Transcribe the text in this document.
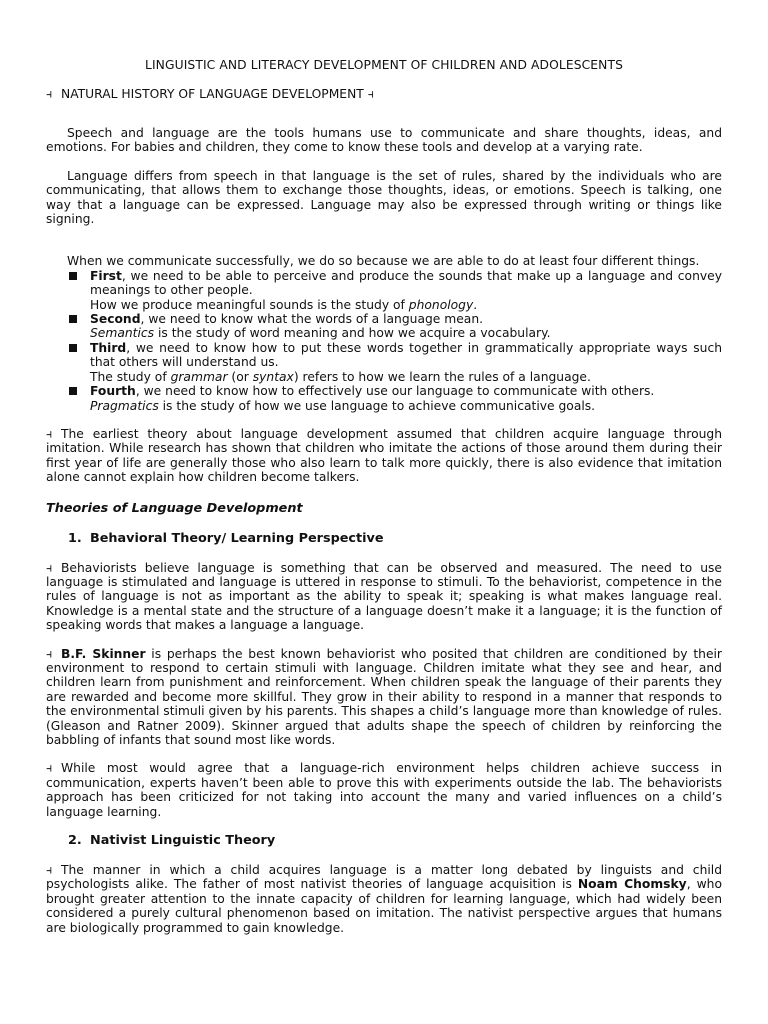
LINGUISTIC AND LITERACY DEVELOPMENT OF CHILDREN AND ADOLESCENTS
⫞ NATURAL HISTORY OF LANGUAGE DEVELOPMENT ⫞

Speech and language are the tools humans use to communicate and share thoughts, ideas, and emotions. For babies and children, they come to know these tools and develop at a varying rate.

Language differs from speech in that language is the set of rules, shared by the individuals who are communicating, that allows them to exchange those thoughts, ideas, or emotions. Speech is talking, one way that a language can be expressed. Language may also be expressed through writing or things like signing.

When we communicate successfully, we do so because we are able to do at least four different things.

First, we need to be able to perceive and produce the sounds that make up a language and convey meanings to other people.
How we produce meaningful sounds is the study of phonology.
Second, we need to know what the words of a language mean.
Semantics is the study of word meaning and how we acquire a vocabulary.
Third, we need to know how to put these words together in grammatically appropriate ways such that others will understand us.
The study of grammar (or syntax) refers to how we learn the rules of a language.
Fourth, we need to know how to effectively use our language to communicate with others.
Pragmatics is the study of how we use language to achieve communicative goals.

⫞ The earliest theory about language development assumed that children acquire language through imitation. While research has shown that children who imitate the actions of those around them during their first year of life are generally those who also learn to talk more quickly, there is also evidence that imitation alone cannot explain how children become talkers.

Theories of Language Development
1. Behavioral Theory/ Learning Perspective

⫞ Behaviorists believe language is something that can be observed and measured. The need to use language is stimulated and language is uttered in response to stimuli. To the behaviorist, competence in the rules of language is not as important as the ability to speak it; speaking is what makes language real. Knowledge is a mental state and the structure of a language doesn’t make it a language; it is the function of speaking words that makes a language a language.

⫞ B.F. Skinner is perhaps the best known behaviorist who posited that children are conditioned by their environment to respond to certain stimuli with language. Children imitate what they see and hear, and children learn from punishment and reinforcement. When children speak the language of their parents they are rewarded and become more skillful. They grow in their ability to respond in a manner that responds to the environmental stimuli given by his parents. This shapes a child’s language more than knowledge of rules. (Gleason and Ratner 2009). Skinner argued that adults shape the speech of children by reinforcing the babbling of infants that sound most like words.

⫞ While most would agree that a language-rich environment helps children achieve success in communication, experts haven’t been able to prove this with experiments outside the lab. The behaviorists approach has been criticized for not taking into account the many and varied influences on a child’s language learning.

2. Nativist Linguistic Theory

⫞ The manner in which a child acquires language is a matter long debated by linguists and child psychologists alike. The father of most nativist theories of language acquisition is Noam Chomsky, who brought greater attention to the innate capacity of children for learning language, which had widely been considered a purely cultural phenomenon based on imitation. The nativist perspective argues that humans are biologically programmed to gain knowledge.
